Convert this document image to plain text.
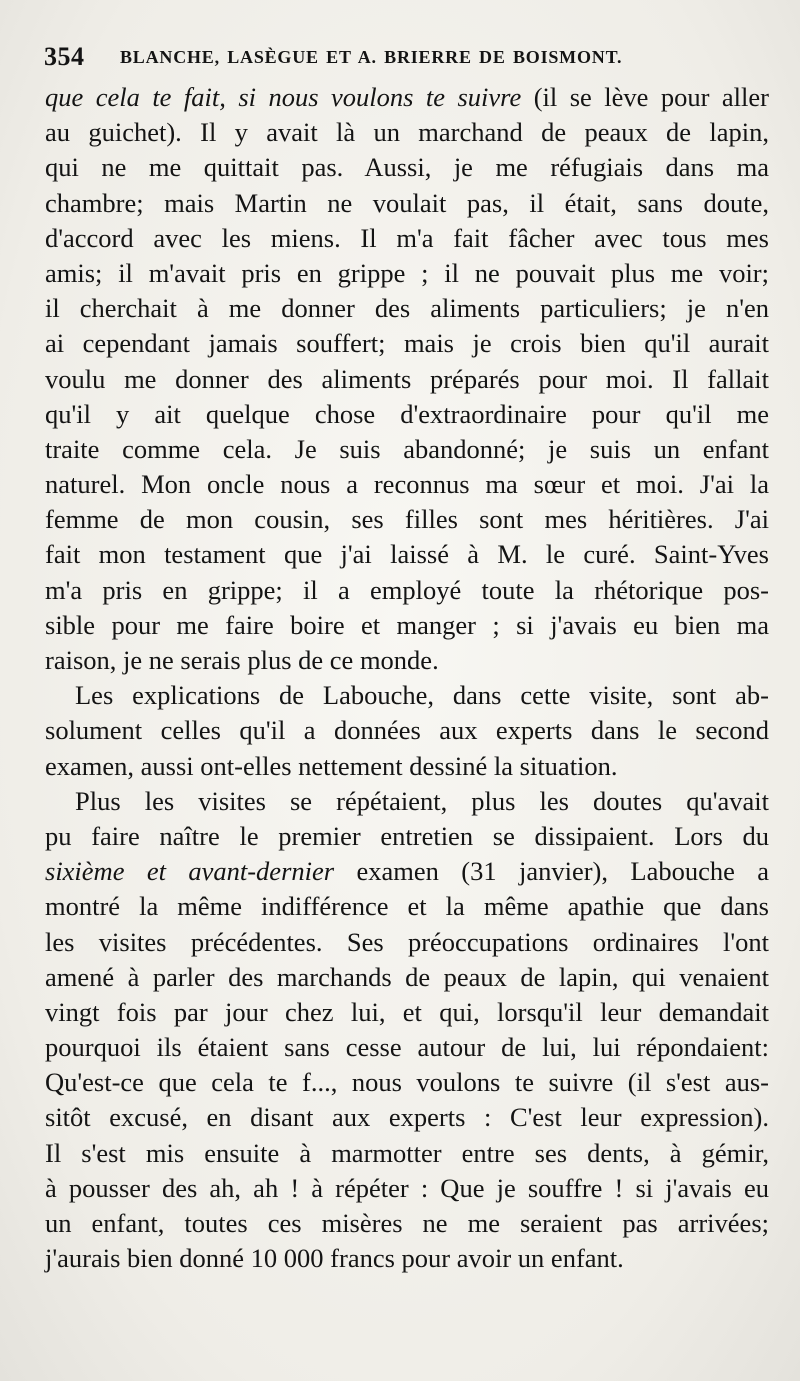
354 BLANCHE, LASÈGUE ET A. BRIERRE DE BOISMONT.
que cela te fait, si nous voulons te suivre (il se lève pour aller
au guichet). Il y avait là un marchand de peaux de lapin,
qui ne me quittait pas. Aussi, je me réfugiais dans ma
chambre; mais Martin ne voulait pas, il était, sans doute,
d'accord avec les miens. Il m'a fait fâcher avec tous mes
amis; il m'avait pris en grippe ; il ne pouvait plus me voir;
il cherchait à me donner des aliments particuliers; je n'en
ai cependant jamais souffert; mais je crois bien qu'il aurait
voulu me donner des aliments préparés pour moi. Il fallait
qu'il y ait quelque chose d'extraordinaire pour qu'il me
traite comme cela. Je suis abandonné; je suis un enfant
naturel. Mon oncle nous a reconnus ma sœur et moi. J'ai la
femme de mon cousin, ses filles sont mes héritières. J'ai
fait mon testament que j'ai laissé à M. le curé. Saint-Yves
m'a pris en grippe; il a employé toute la rhétorique pos-
sible pour me faire boire et manger ; si j'avais eu bien ma
raison, je ne serais plus de ce monde.
Les explications de Labouche, dans cette visite, sont ab-
solument celles qu'il a données aux experts dans le second
examen, aussi ont-elles nettement dessiné la situation.
Plus les visites se répétaient, plus les doutes qu'avait
pu faire naître le premier entretien se dissipaient. Lors du
sixième et avant-dernier examen (31 janvier), Labouche a
montré la même indifférence et la même apathie que dans
les visites précédentes. Ses préoccupations ordinaires l'ont
amené à parler des marchands de peaux de lapin, qui venaient
vingt fois par jour chez lui, et qui, lorsqu'il leur demandait
pourquoi ils étaient sans cesse autour de lui, lui répondaient:
Qu'est-ce que cela te f..., nous voulons te suivre (il s'est aus-
sitôt excusé, en disant aux experts : C'est leur expression).
Il s'est mis ensuite à marmotter entre ses dents, à gémir,
à pousser des ah, ah ! à répéter : Que je souffre ! si j'avais eu
un enfant, toutes ces misères ne me seraient pas arrivées;
j'aurais bien donné 10 000 francs pour avoir un enfant.
